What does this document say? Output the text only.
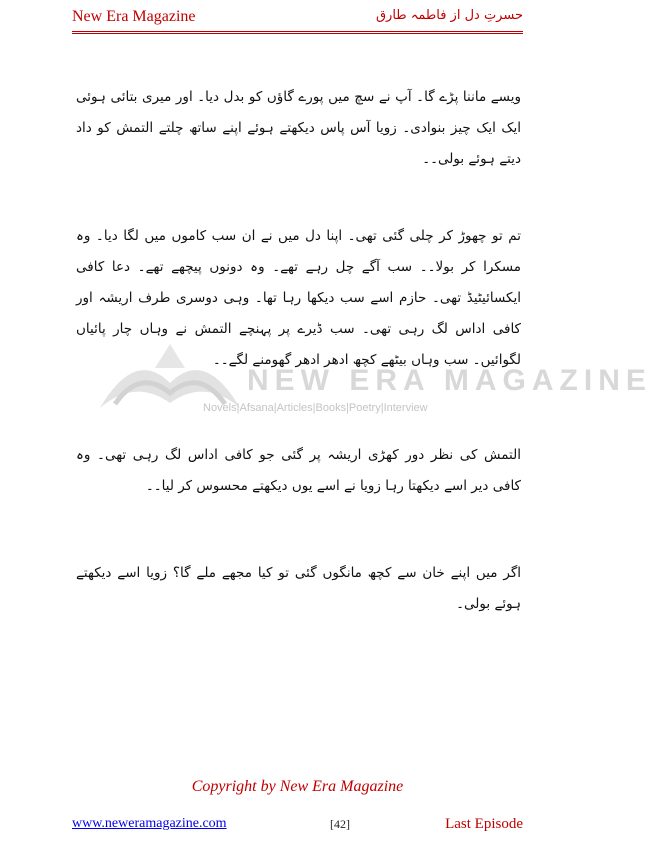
New Era Magazine	حسرتِ دل از فاطمہ طارق
NEW ERA MAGAZINE
Novels|Afsana|Articles|Books|Poetry|Interview

ویسے ماننا پڑے گا۔ آپ نے سچ میں پورے گاؤں کو بدل دیا۔ اور میری بتائی ہوئی ایک ایک چیز بنوادی۔ زویا آس پاس دیکھتے ہوئے اپنے ساتھ چلتے التمش کو داد دیتے ہوئے بولی۔۔

تم تو چھوڑ کر چلی گئی تھی۔ اپنا دل میں نے ان سب کاموں میں لگا دیا۔ وہ مسکرا کر بولا۔۔ سب آگے چل رہے تھے۔ وہ دونوں پیچھے تھے۔ دعا کافی ایکسائیٹیڈ تھی۔ حازم اسے سب دیکھا رہا تھا۔ وہی دوسری طرف اریشہ اور کافی اداس لگ رہی تھی۔ سب ڈیرے پر پہنچے التمش نے وہاں چار پائیاں لگوائیں۔ سب وہاں بیٹھے کچھ ادھر ادھر گھومنے لگے۔۔

التمش کی نظر دور کھڑی اریشہ پر گئی جو کافی اداس لگ رہی تھی۔ وہ کافی دیر اسے دیکھتا رہا زویا نے اسے یوں دیکھتے محسوس کر لیا۔۔

اگر میں اپنے خان سے کچھ مانگوں گئی تو کیا مجھے ملے گا؟ زویا اسے دیکھتے ہوئے بولی۔

Copyright by New Era Magazine
www.neweramagazine.com	[42]	Last Episode
